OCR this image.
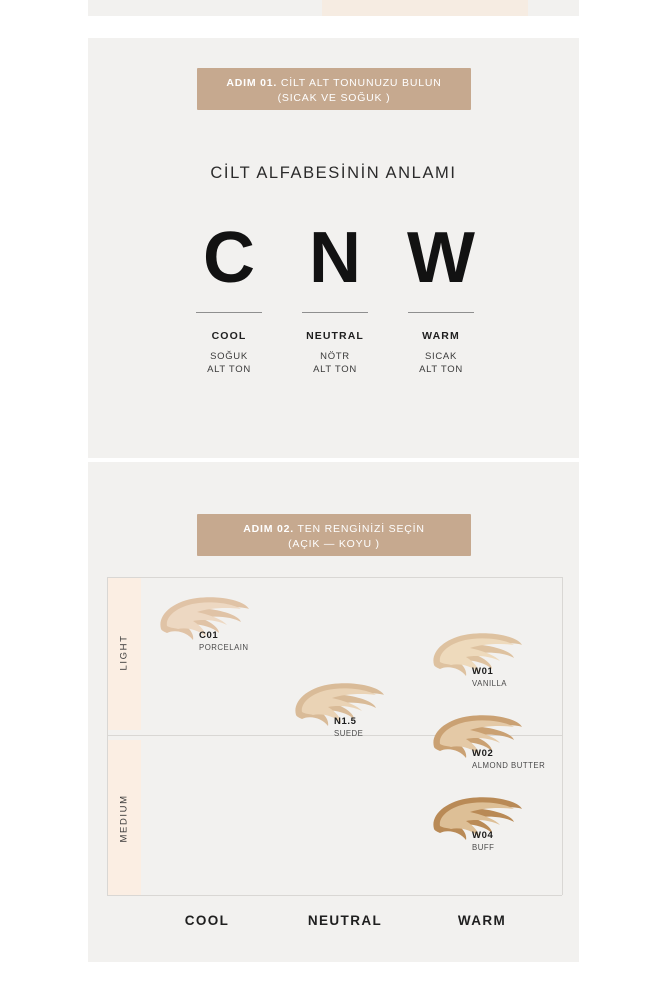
ADIM 01. CİLT ALT TONUNUZU BULUN
(SICAK VE SOĞUK )
CİLT ALFABESİNİN ANLAMI
C
COOL
SOĞUK
ALT TON
N
NEUTRAL
NÖTR
ALT TON
W
WARM
SICAK
ALT TON
ADIM 02. TEN RENGİNİZİ SEÇİN
(AÇIK — KOYU )
LIGHT
MEDIUM
C01
PORCELAIN
N1.5
SUEDE
W01
VANILLA
W02
ALMOND BUTTER
W04
BUFF
COOL	NEUTRAL	WARM
